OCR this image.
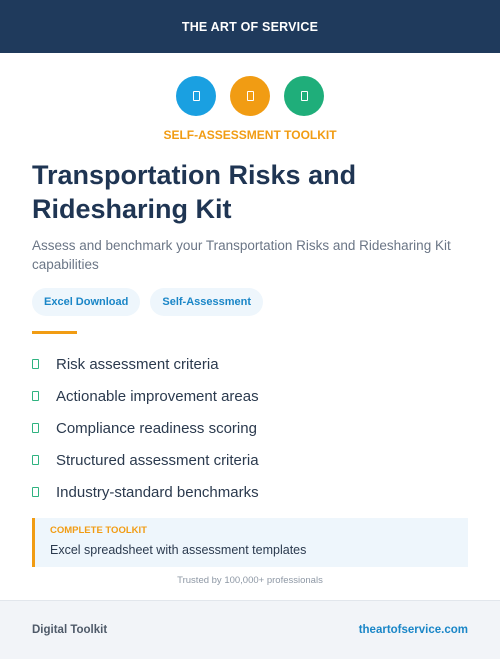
THE ART OF SERVICE
SELF-ASSESSMENT TOOLKIT
Transportation Risks and Ridesharing Kit

Assess and benchmark your Transportation Risks and Ridesharing Kit capabilities

Excel Download	Self-Assessment
Risk assessment criteria
Actionable improvement areas
Compliance readiness scoring
Structured assessment criteria
Industry-standard benchmarks
COMPLETE TOOLKIT
Excel spreadsheet with assessment templates
Trusted by 100,000+ professionals
Digital Toolkit	theartofservice.com
